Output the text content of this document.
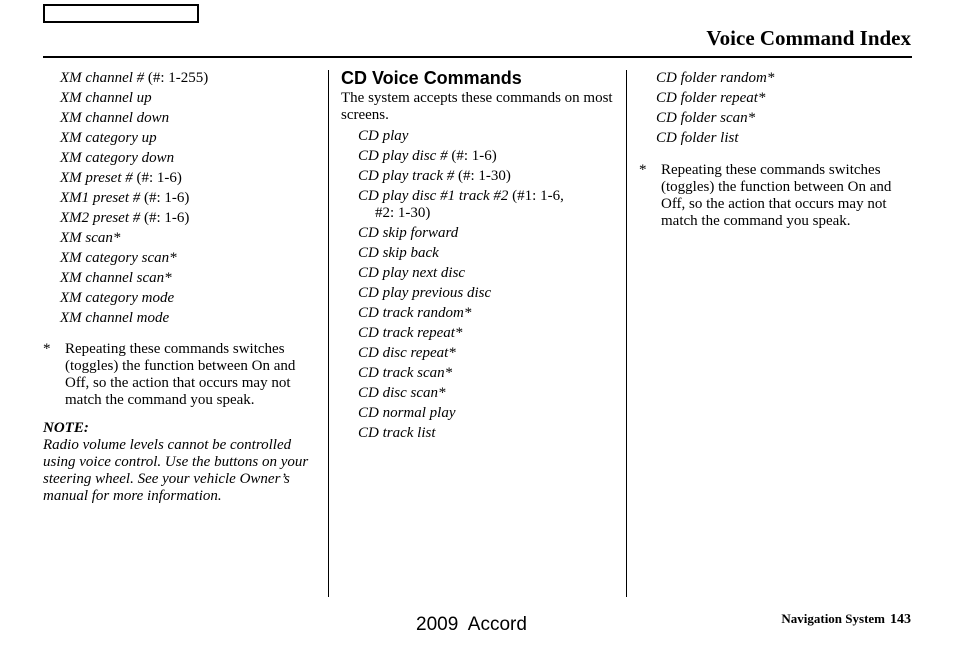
Voice Command Index
XM channel # (#: 1-255)
XM channel up
XM channel down
XM category up
XM category down
XM preset # (#: 1-6)
XM1 preset # (#: 1-6)
XM2 preset # (#: 1-6)
XM scan*
XM category scan*
XM channel scan*
XM category mode
XM channel mode
* Repeating these commands switches (toggles) the function between On and Off, so the action that occurs may not match the command you speak.
NOTE:
Radio volume levels cannot be controlled using voice control. Use the buttons on your steering wheel. See your vehicle Owner’s manual for more information.
CD Voice Commands
The system accepts these commands on most screens.
CD play
CD play disc # (#: 1-6)
CD play track # (#: 1-30)
CD play disc #1 track #2 (#1: 1-6,
#2: 1-30)
CD skip forward
CD skip back
CD play next disc
CD play previous disc
CD track random*
CD track repeat*
CD disc repeat*
CD track scan*
CD disc scan*
CD normal play
CD track list
CD folder random*
CD folder repeat*
CD folder scan*
CD folder list
* Repeating these commands switches (toggles) the function between On and Off, so the action that occurs may not match the command you speak.
2009  Accord	Navigation System 143
